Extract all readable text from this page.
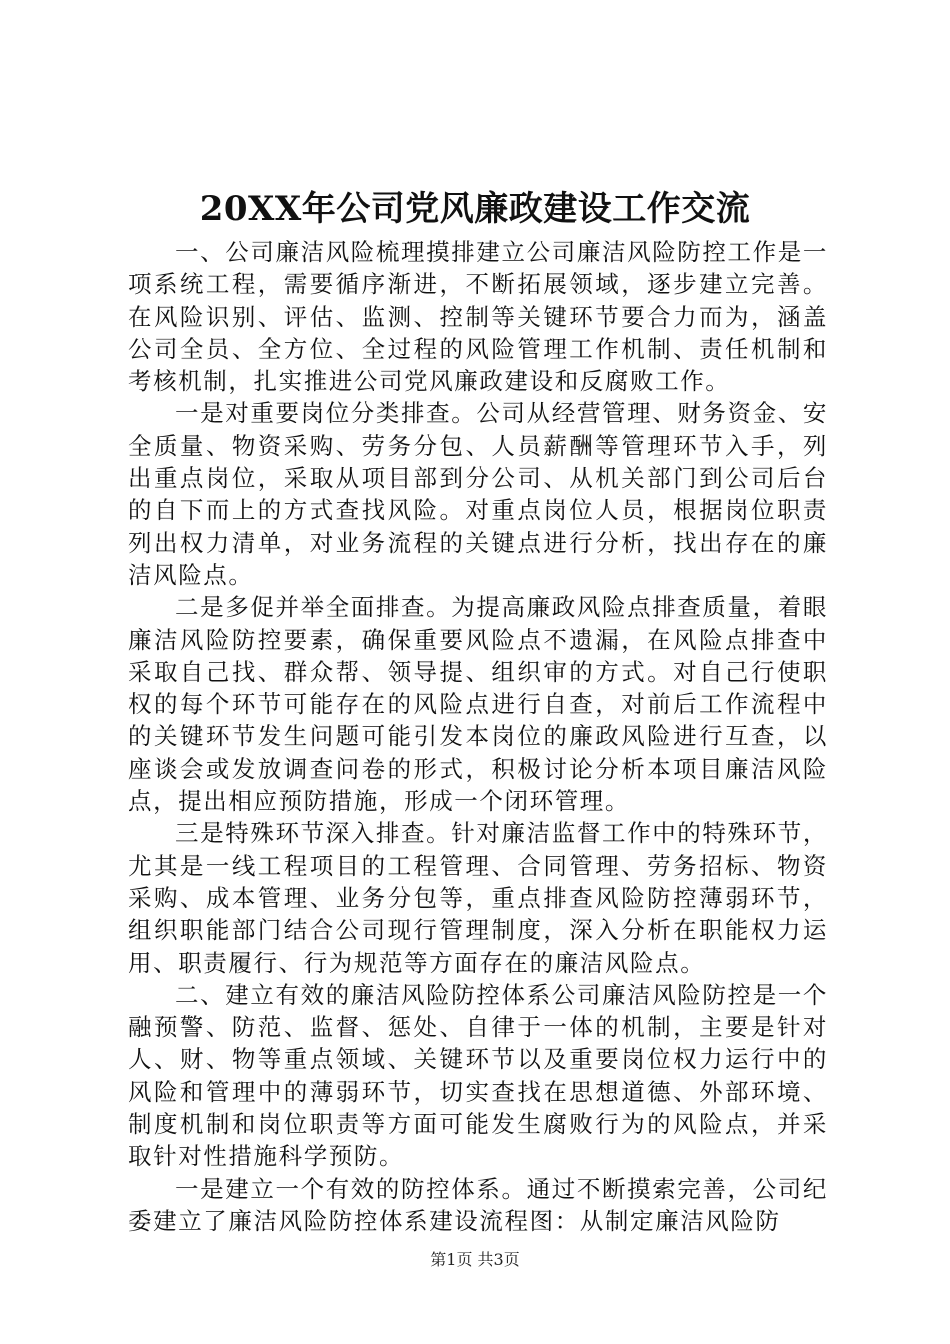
20XX年公司党风廉政建设工作交流

一、公司廉洁风险梳理摸排建立公司廉洁风险防控工作是一项系统工程，需要循序渐进，不断拓展领域，逐步建立完善。在风险识别、评估、监测、控制等关键环节要合力而为，涵盖公司全员、全方位、全过程的风险管理工作机制、责任机制和考核机制，扎实推进公司党风廉政建设和反腐败工作。

一是对重要岗位分类排查。公司从经营管理、财务资金、安全质量、物资采购、劳务分包、人员薪酬等管理环节入手，列出重点岗位，采取从项目部到分公司、从机关部门到公司后台的自下而上的方式查找风险。对重点岗位人员，根据岗位职责列出权力清单，对业务流程的关键点进行分析，找出存在的廉洁风险点。

二是多促并举全面排查。为提高廉政风险点排查质量，着眼廉洁风险防控要素，确保重要风险点不遗漏，在风险点排查中采取自己找、群众帮、领导提、组织审的方式。对自己行使职权的每个环节可能存在的风险点进行自查，对前后工作流程中的关键环节发生问题可能引发本岗位的廉政风险进行互查，以座谈会或发放调查问卷的形式，积极讨论分析本项目廉洁风险点，提出相应预防措施，形成一个闭环管理。

三是特殊环节深入排查。针对廉洁监督工作中的特殊环节，尤其是一线工程项目的工程管理、合同管理、劳务招标、物资采购、成本管理、业务分包等，重点排查风险防控薄弱环节，组织职能部门结合公司现行管理制度，深入分析在职能权力运用、职责履行、行为规范等方面存在的廉洁风险点。

二、建立有效的廉洁风险防控体系公司廉洁风险防控是一个融预警、防范、监督、惩处、自律于一体的机制，主要是针对人、财、物等重点领域、关键环节以及重要岗位权力运行中的风险和管理中的薄弱环节，切实查找在思想道德、外部环境、制度机制和岗位职责等方面可能发生腐败行为的风险点，并采取针对性措施科学预防。

一是建立一个有效的防控体系。通过不断摸索完善，公司纪委建立了廉洁风险防控体系建设流程图：从制定廉洁风险防

第1页 共3页
